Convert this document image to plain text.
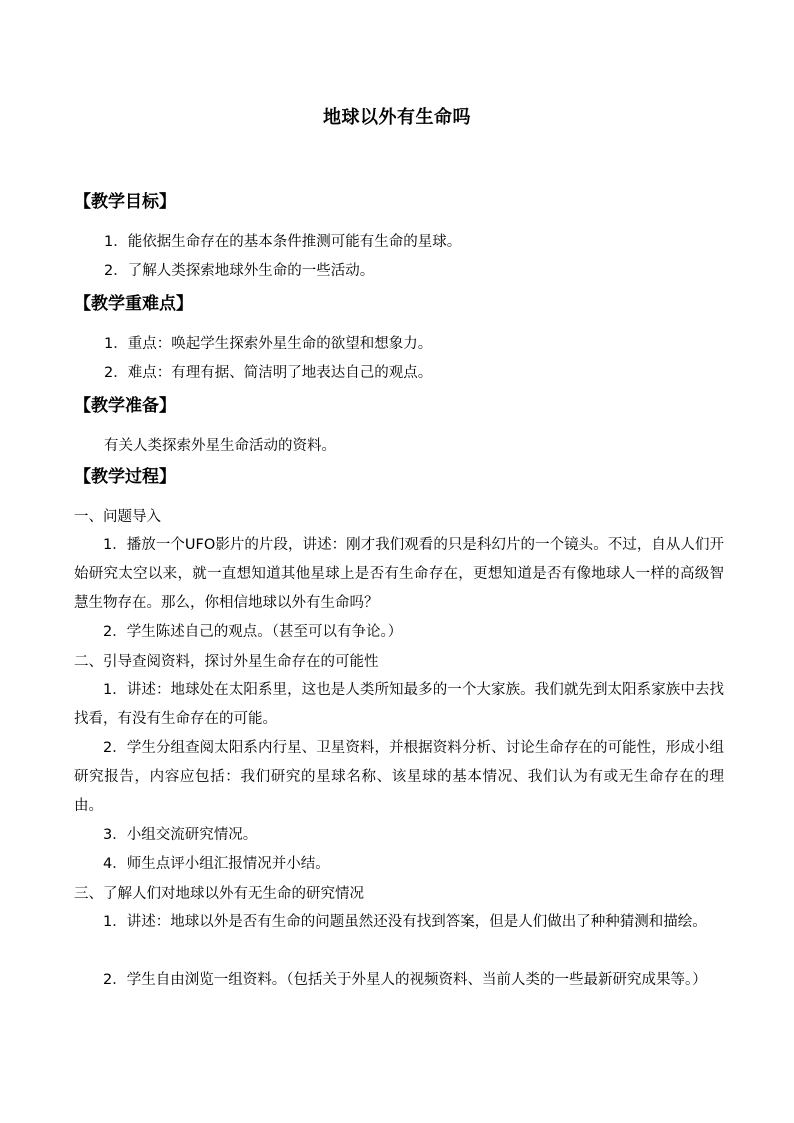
地球以外有生命吗
【教学目标】
1．能依据生命存在的基本条件推测可能有生命的星球。
2．了解人类探索地球外生命的一些活动。
【教学重难点】
1．重点：唤起学生探索外星生命的欲望和想象力。
2．难点：有理有据、简洁明了地表达自己的观点。
【教学准备】
有关人类探索外星生命活动的资料。
【教学过程】
一、问题导入
1．播放一个UFO影片的片段，讲述：刚才我们观看的只是科幻片的一个镜头。不过，自从人们开始研究太空以来，就一直想知道其他星球上是否有生命存在，更想知道是否有像地球人一样的高级智慧生物存在。那么，你相信地球以外有生命吗？
2．学生陈述自己的观点。（甚至可以有争论。）
二、引导查阅资料，探讨外星生命存在的可能性
1．讲述：地球处在太阳系里，这也是人类所知最多的一个大家族。我们就先到太阳系家族中去找找看，有没有生命存在的可能。
2．学生分组查阅太阳系内行星、卫星资料，并根据资料分析、讨论生命存在的可能性，形成小组研究报告，内容应包括：我们研究的星球名称、该星球的基本情况、我们认为有或无生命存在的理由。
3．小组交流研究情况。
4．师生点评小组汇报情况并小结。
三、了解人们对地球以外有无生命的研究情况
1．讲述：地球以外是否有生命的问题虽然还没有找到答案，但是人们做出了种种猜测和描绘。
2．学生自由浏览一组资料。（包括关于外星人的视频资料、当前人类的一些最新研究成果等。）
